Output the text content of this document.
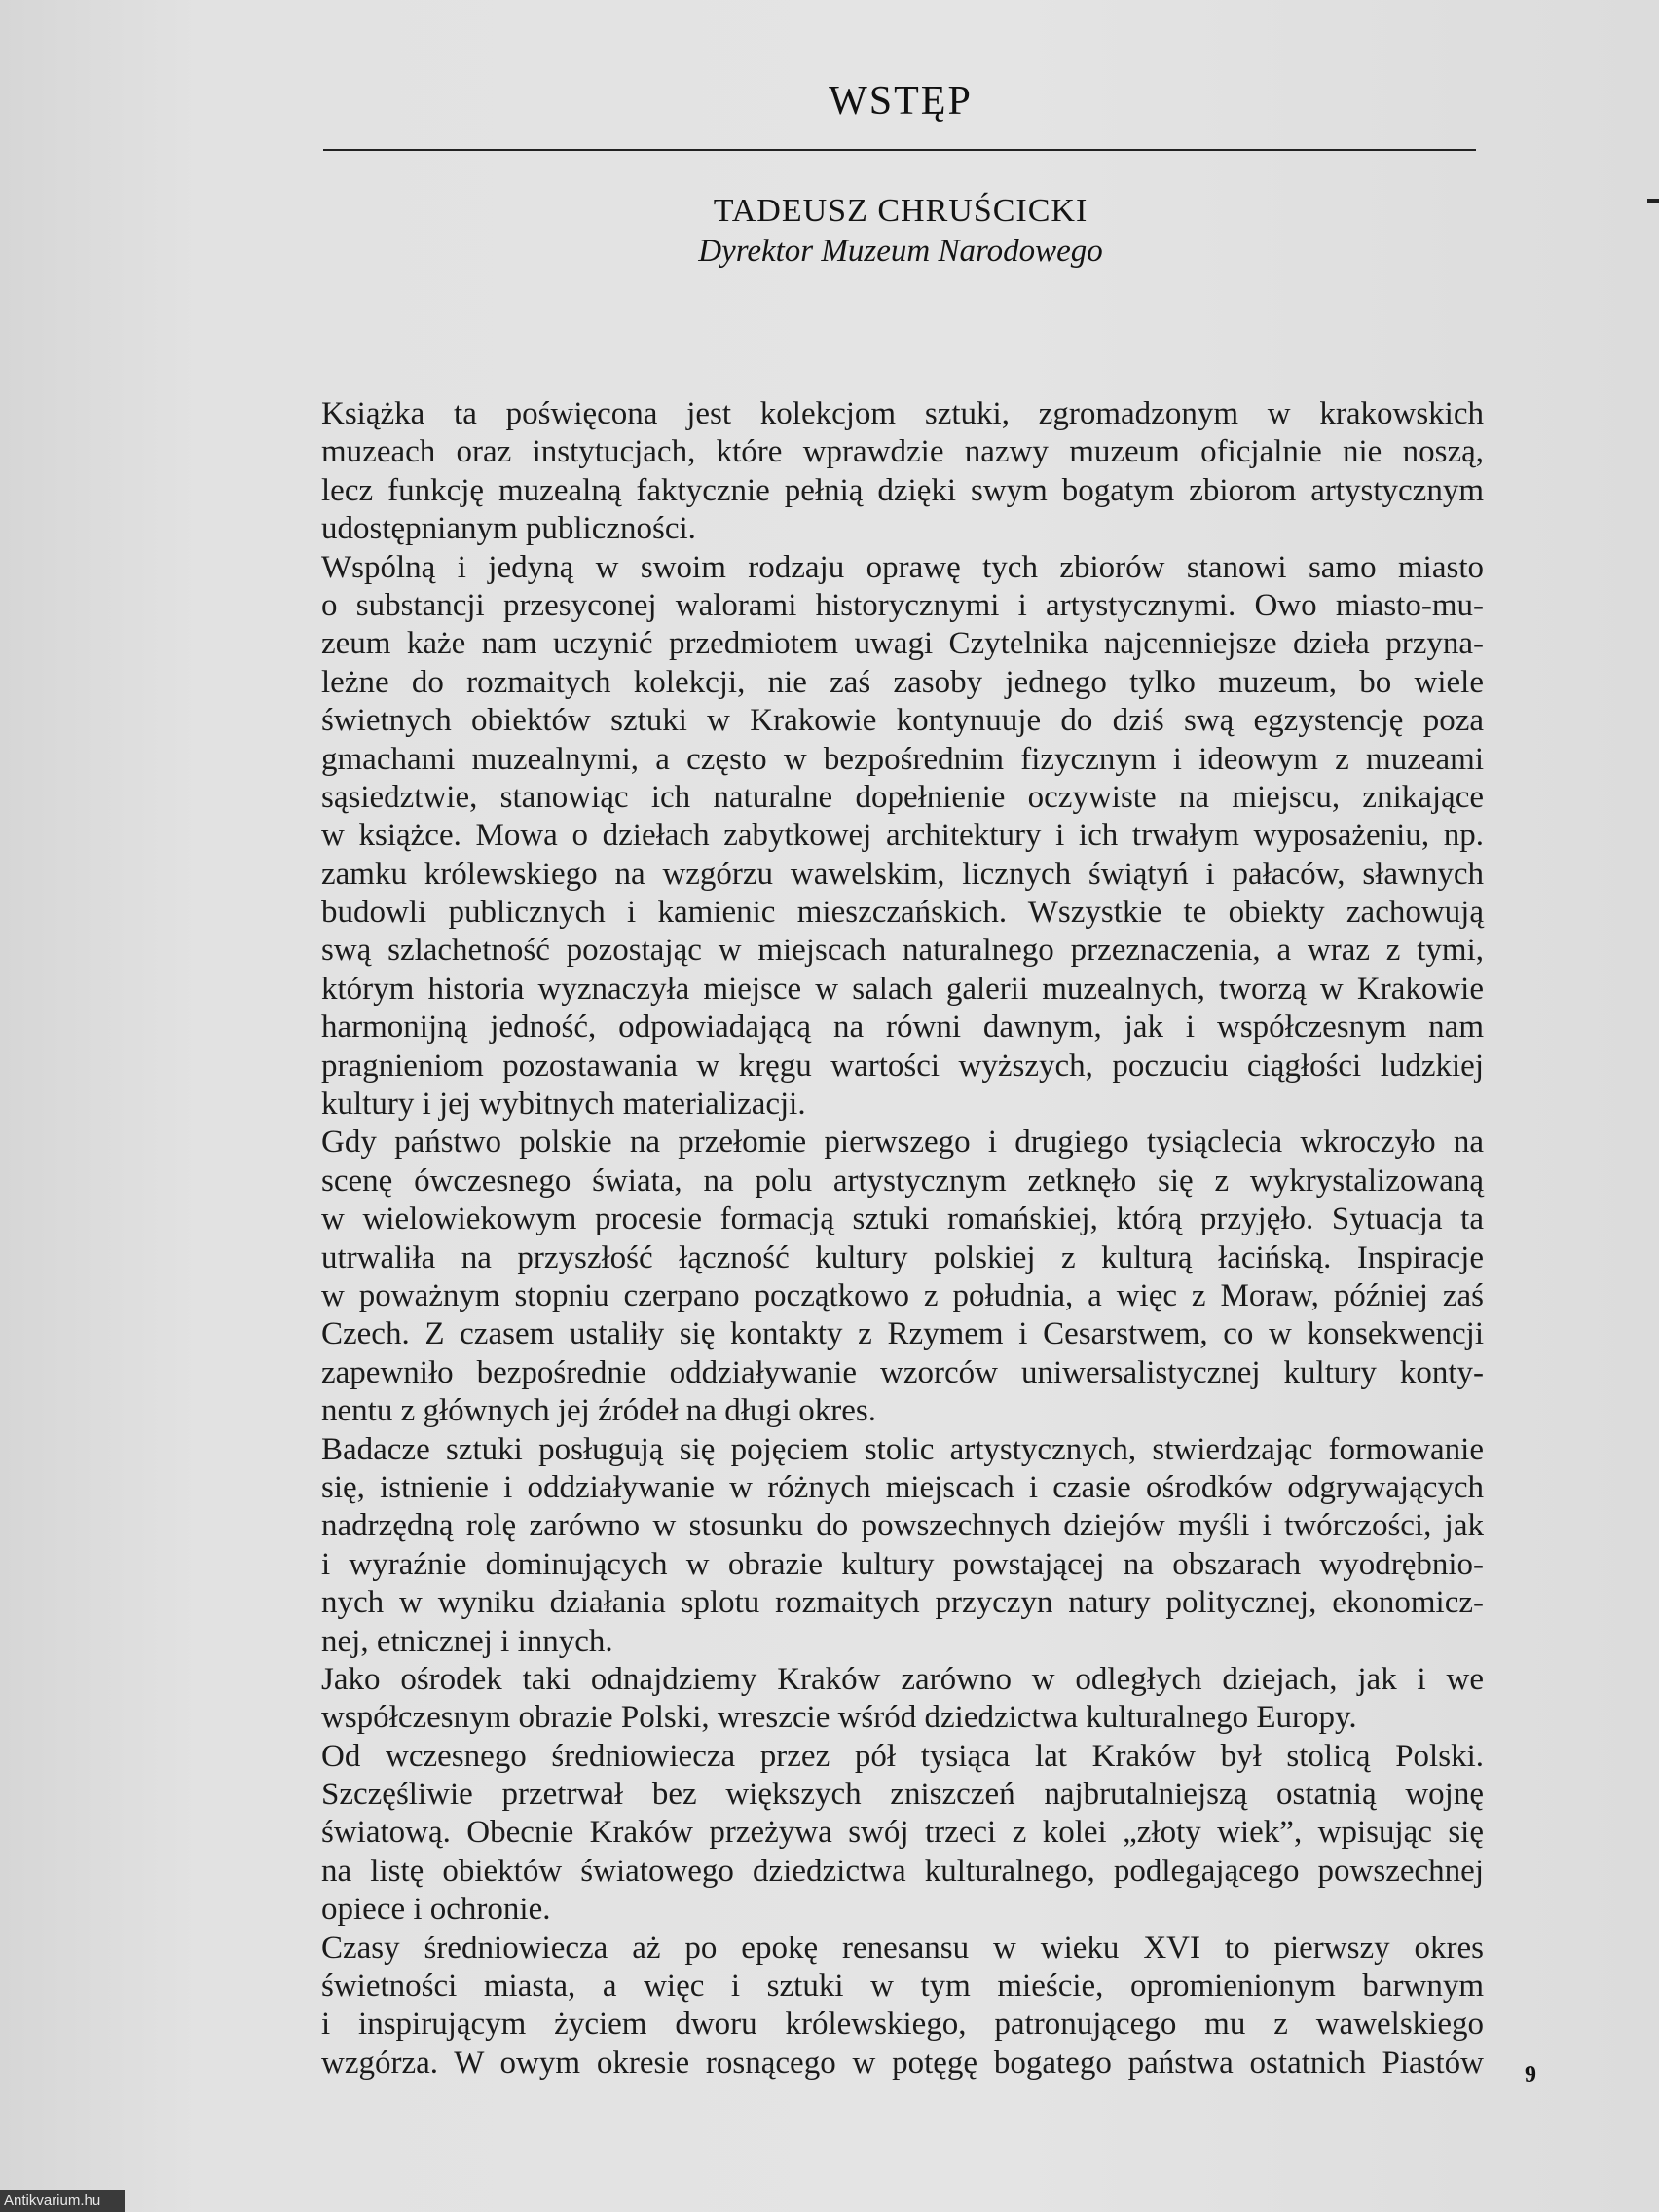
WSTĘP

TADEUSZ CHRUŚCICKI

Dyrektor Muzeum Narodowego

Książka ta poświęcona jest kolekcjom sztuki, zgromadzonym w krakowskich
muzeach oraz instytucjach, które wprawdzie nazwy muzeum oficjalnie nie noszą,
lecz funkcję muzealną faktycznie pełnią dzięki swym bogatym zbiorom artystycznym
udostępnianym publiczności.
Wspólną i jedyną w swoim rodzaju oprawę tych zbiorów stanowi samo miasto
o substancji przesyconej walorami historycznymi i artystycznymi. Owo miasto-mu-
zeum każe nam uczynić przedmiotem uwagi Czytelnika najcenniejsze dzieła przyna-
leżne do rozmaitych kolekcji, nie zaś zasoby jednego tylko muzeum, bo wiele
świetnych obiektów sztuki w Krakowie kontynuuje do dziś swą egzystencję poza
gmachami muzealnymi, a często w bezpośrednim fizycznym i ideowym z muzeami
sąsiedztwie, stanowiąc ich naturalne dopełnienie oczywiste na miejscu, znikające
w książce. Mowa o dziełach zabytkowej architektury i ich trwałym wyposażeniu, np.
zamku królewskiego na wzgórzu wawelskim, licznych świątyń i pałaców, sławnych
budowli publicznych i kamienic mieszczańskich. Wszystkie te obiekty zachowują
swą szlachetność pozostając w miejscach naturalnego przeznaczenia, a wraz z tymi,
którym historia wyznaczyła miejsce w salach galerii muzealnych, tworzą w Krakowie
harmonijną jedność, odpowiadającą na równi dawnym, jak i współczesnym nam
pragnieniom pozostawania w kręgu wartości wyższych, poczuciu ciągłości ludzkiej
kultury i jej wybitnych materializacji.
Gdy państwo polskie na przełomie pierwszego i drugiego tysiąclecia wkroczyło na
scenę ówczesnego świata, na polu artystycznym zetknęło się z wykrystalizowaną
w wielowiekowym procesie formacją sztuki romańskiej, którą przyjęło. Sytuacja ta
utrwaliła na przyszłość łączność kultury polskiej z kulturą łacińską. Inspiracje
w poważnym stopniu czerpano początkowo z południa, a więc z Moraw, później zaś
Czech. Z czasem ustaliły się kontakty z Rzymem i Cesarstwem, co w konsekwencji
zapewniło bezpośrednie oddziaływanie wzorców uniwersalistycznej kultury konty-
nentu z głównych jej źródeł na długi okres.
Badacze sztuki posługują się pojęciem stolic artystycznych, stwierdzając formowanie
się, istnienie i oddziaływanie w różnych miejscach i czasie ośrodków odgrywających
nadrzędną rolę zarówno w stosunku do powszechnych dziejów myśli i twórczości, jak
i wyraźnie dominujących w obrazie kultury powstającej na obszarach wyodrębnio-
nych w wyniku działania splotu rozmaitych przyczyn natury politycznej, ekonomicz-
nej, etnicznej i innych.
Jako ośrodek taki odnajdziemy Kraków zarówno w odległych dziejach, jak i we
współczesnym obrazie Polski, wreszcie wśród dziedzictwa kulturalnego Europy.
Od wczesnego średniowiecza przez pół tysiąca lat Kraków był stolicą Polski.
Szczęśliwie przetrwał bez większych zniszczeń najbrutalniejszą ostatnią wojnę
światową. Obecnie Kraków przeżywa swój trzeci z kolei „złoty wiek”, wpisując się
na listę obiektów światowego dziedzictwa kulturalnego, podlegającego powszechnej
opiece i ochronie.
Czasy średniowiecza aż po epokę renesansu w wieku XVI to pierwszy okres
świetności miasta, a więc i sztuki w tym mieście, opromienionym barwnym
i inspirującym życiem dworu królewskiego, patronującego mu z wawelskiego
wzgórza. W owym okresie rosnącego w potęgę bogatego państwa ostatnich Piastów 9
Antikvarium.hu
